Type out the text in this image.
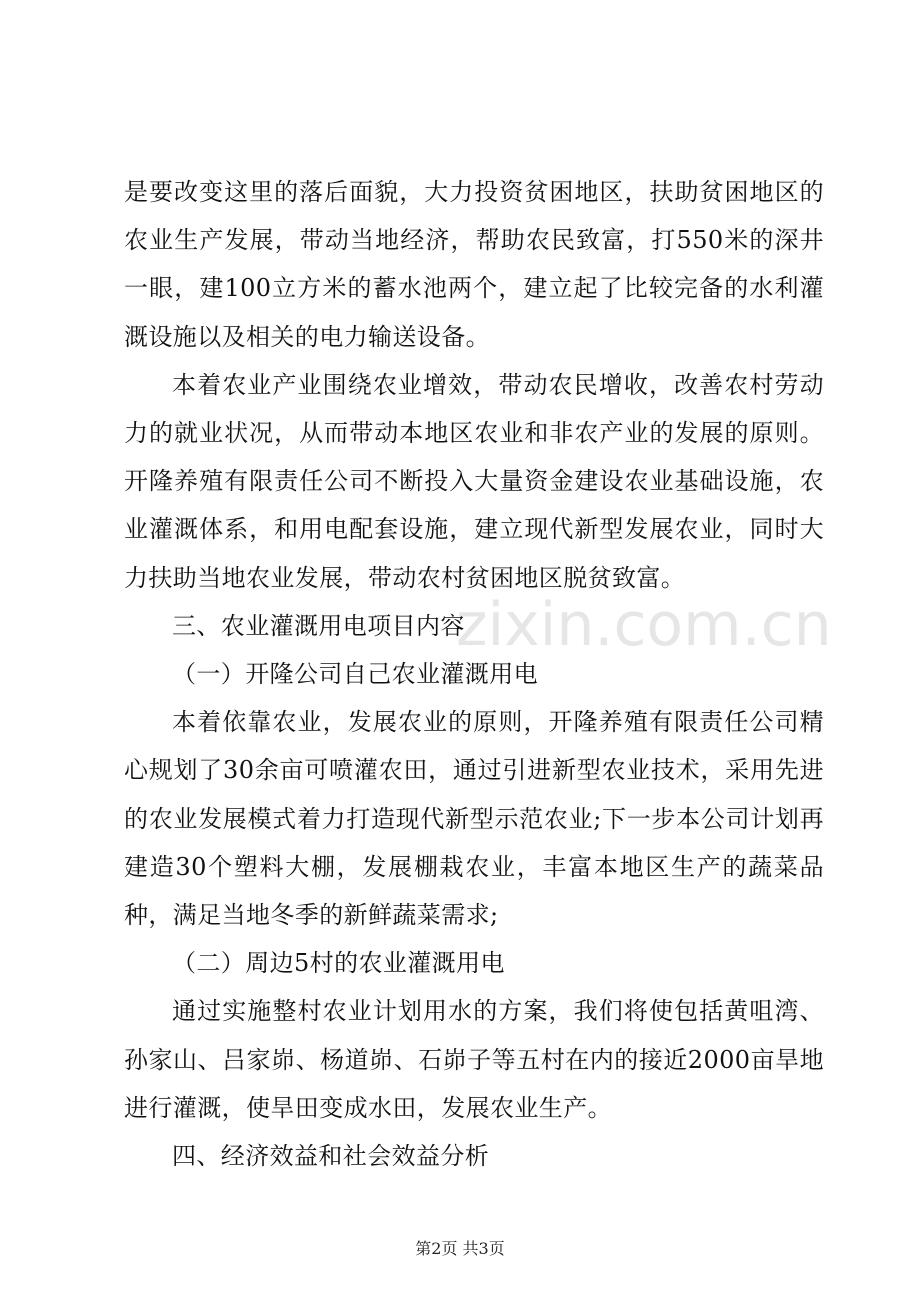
是要改变这里的落后面貌，大力投资贫困地区，扶助贫困地区的农业生产发展，带动当地经济，帮助农民致富，打550米的深井一眼，建100立方米的蓄水池两个，建立起了比较完备的水利灌溉设施以及相关的电力输送设备。

本着农业产业围绕农业增效，带动农民增收，改善农村劳动力的就业状况，从而带动本地区农业和非农产业的发展的原则。开隆养殖有限责任公司不断投入大量资金建设农业基础设施，农业灌溉体系，和用电配套设施，建立现代新型发展农业，同时大力扶助当地农业发展，带动农村贫困地区脱贫致富。

三、农业灌溉用电项目内容

（一）开隆公司自己农业灌溉用电

本着依靠农业，发展农业的原则，开隆养殖有限责任公司精心规划了30余亩可喷灌农田，通过引进新型农业技术，采用先进的农业发展模式着力打造现代新型示范农业;下一步本公司计划再建造30个塑料大棚，发展棚栽农业，丰富本地区生产的蔬菜品种，满足当地冬季的新鲜蔬菜需求;

（二）周边5村的农业灌溉用电

通过实施整村农业计划用水的方案，我们将使包括黄咀湾、孙家山、吕家峁、杨道峁、石峁子等五村在内的接近2000亩旱地进行灌溉，使旱田变成水田，发展农业生产。

四、经济效益和社会效益分析

zixin.com.cn
第2页 共3页
